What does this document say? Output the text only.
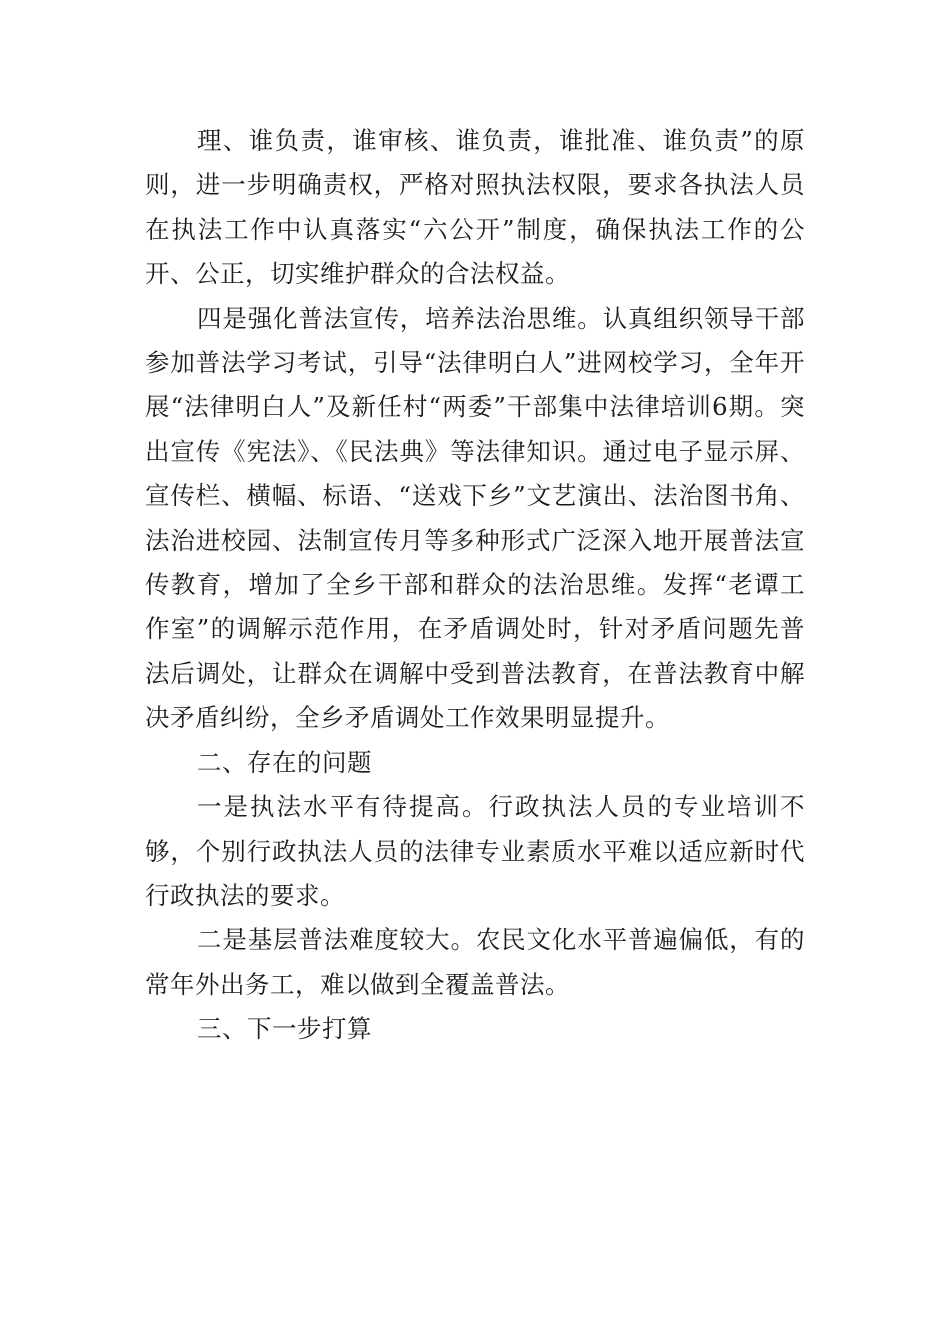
理、谁负责，谁审核、谁负责，谁批准、谁负责”的原则，进一步明确责权，严格对照执法权限，要求各执法人员在执法工作中认真落实“六公开”制度，确保执法工作的公开、公正，切实维护群众的合法权益。

四是强化普法宣传，培养法治思维。认真组织领导干部参加普法学习考试，引导“法律明白人”进网校学习，全年开展“法律明白人”及新任村“两委”干部集中法律培训6期。突出宣传《宪法》、《民法典》等法律知识。通过电子显示屏、宣传栏、横幅、标语、“送戏下乡”文艺演出、法治图书角、法治进校园、法制宣传月等多种形式广泛深入地开展普法宣传教育，增加了全乡干部和群众的法治思维。发挥“老谭工作室”的调解示范作用，在矛盾调处时，针对矛盾问题先普法后调处，让群众在调解中受到普法教育，在普法教育中解决矛盾纠纷，全乡矛盾调处工作效果明显提升。

二、存在的问题

一是执法水平有待提高。行政执法人员的专业培训不够，个别行政执法人员的法律专业素质水平难以适应新时代行政执法的要求。

二是基层普法难度较大。农民文化水平普遍偏低，有的常年外出务工，难以做到全覆盖普法。

三、下一步打算
